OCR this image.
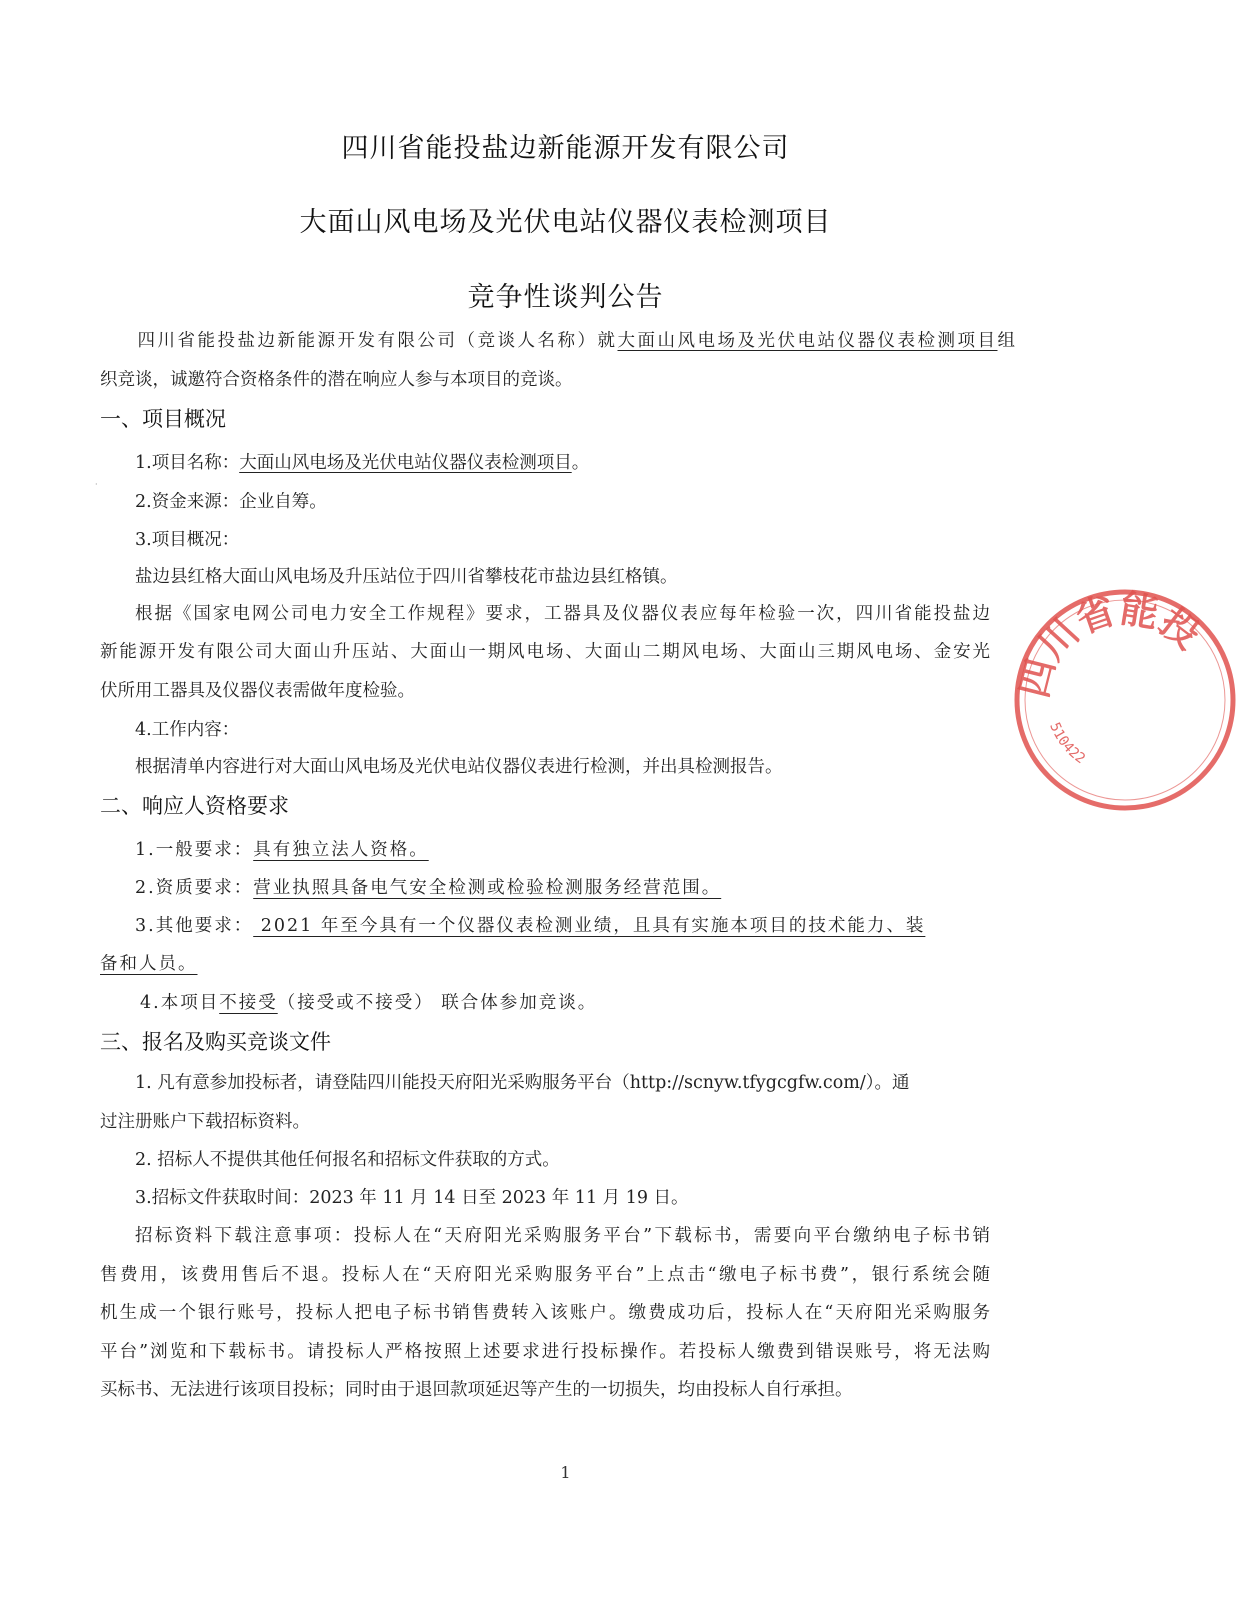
四川省能投盐边新能源开发有限公司
大面山风电场及光伏电站仪器仪表检测项目
竞争性谈判公告
四川省能投盐边新能源开发有限公司（竞谈人名称）就大面山风电场及光伏电站仪器仪表检测项目组
织竞谈，诚邀符合资格条件的潜在响应人参与本项目的竞谈。
一、项目概况
·
1.项目名称：大面山风电场及光伏电站仪器仪表检测项目。
2.资金来源：企业自筹。
3.项目概况：
盐边县红格大面山风电场及升压站位于四川省攀枝花市盐边县红格镇。
根据《国家电网公司电力安全工作规程》要求，工器具及仪器仪表应每年检验一次，四川省能投盐边
新能源开发有限公司大面山升压站、大面山一期风电场、大面山二期风电场、大面山三期风电场、金安光
伏所用工器具及仪器仪表需做年度检验。
4.工作内容：
根据清单内容进行对大面山风电场及光伏电站仪器仪表进行检测，并出具检测报告。
二、响应人资格要求
1.一般要求：具有独立法人资格。
2.资质要求：营业执照具备电气安全检测或检验检测服务经营范围。
3.其他要求： 2021 年至今具有一个仪器仪表检测业绩，且具有实施本项目的技术能力、装
备和人员。
4.本项目不接受（接受或不接受） 联合体参加竞谈。
三、报名及购买竞谈文件
1. 凡有意参加投标者，请登陆四川能投天府阳光采购服务平台（http://scnyw.tfygcgfw.com/）。通
过注册账户下载招标资料。
2. 招标人不提供其他任何报名和招标文件获取的方式。
3.招标文件获取时间：2023 年 11 月 14 日至 2023 年 11 月 19 日。
招标资料下载注意事项：投标人在“天府阳光采购服务平台”下载标书，需要向平台缴纳电子标书销
售费用，该费用售后不退。投标人在“天府阳光采购服务平台”上点击“缴电子标书费”，银行系统会随
机生成一个银行账号，投标人把电子标书销售费转入该账户。缴费成功后，投标人在“天府阳光采购服务
平台”浏览和下载标书。请投标人严格按照上述要求进行投标操作。若投标人缴费到错误账号，将无法购
买标书、无法进行该项目投标；同时由于退回款项延迟等产生的一切损失，均由投标人自行承担。
1
四川省能投
510422
